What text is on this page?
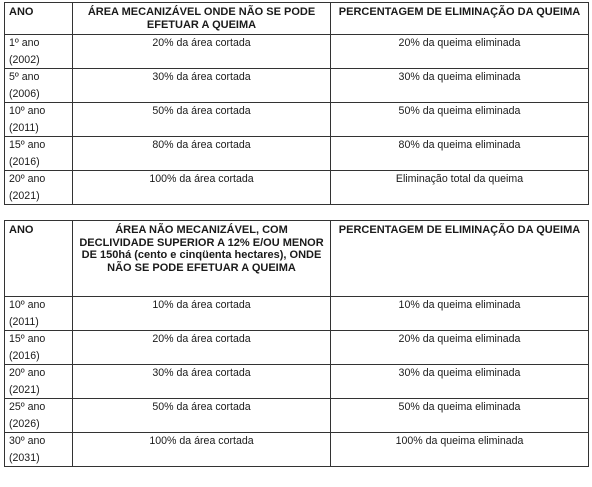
ANO	ÁREA MECANIZÁVEL ONDE NÃO SE PODE EFETUAR A QUEIMA	PERCENTAGEM DE ELIMINAÇÃO DA QUEIMA
1º ano
(2002)	20% da área cortada	20% da queima eliminada
5º ano
(2006)	30% da área cortada	30% da queima eliminada
10º ano
(2011)	50% da área cortada	50% da queima eliminada
15º ano
(2016)	80% da área cortada	80% da queima eliminada
20º ano
(2021)	100% da área cortada	Eliminação total da queima

ANO	ÁREA NÃO MECANIZÁVEL, COM DECLIVIDADE SUPERIOR A 12% E/OU MENOR DE 150há (cento e cinqüenta hectares), ONDE NÃO SE PODE EFETUAR A QUEIMA	PERCENTAGEM DE ELIMINAÇÃO DA QUEIMA
10º ano
(2011)	10% da área cortada	10% da queima eliminada
15º ano
(2016)	20% da área cortada	20% da queima eliminada
20º ano
(2021)	30% da área cortada	30% da queima eliminada
25º ano
(2026)	50% da área cortada	50% da queima eliminada
30º ano
(2031)	100% da área cortada	100% da queima eliminada
